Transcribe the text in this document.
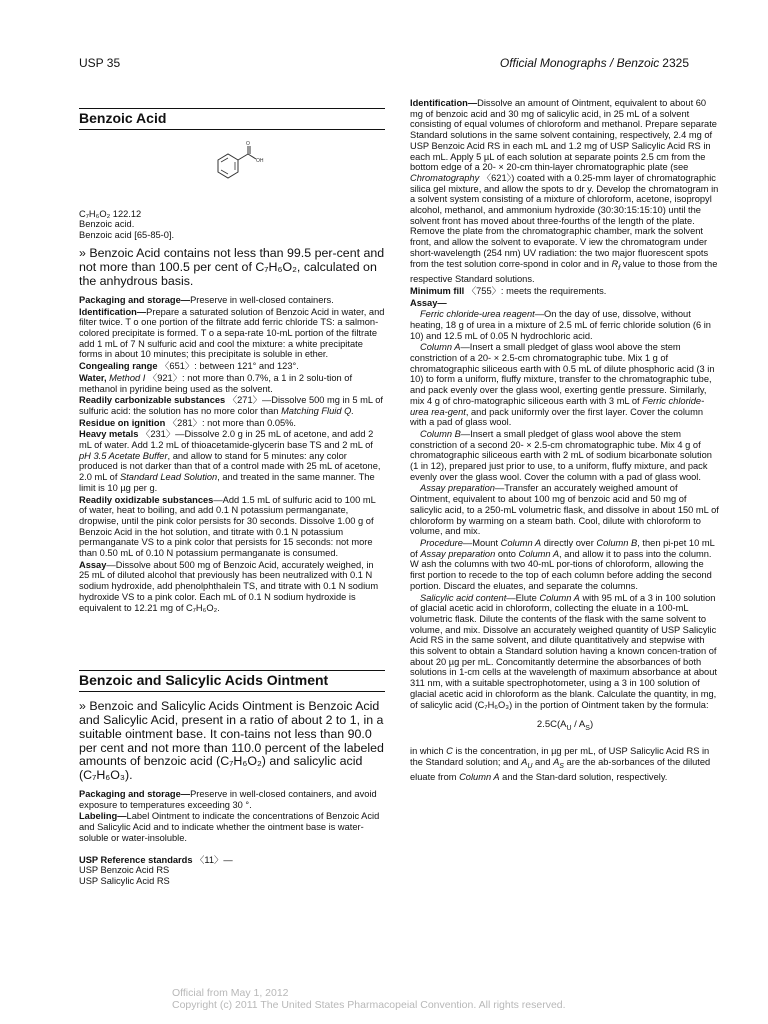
USP 35	Official Monographs / Benzoic 2325
Benzoic Acid
O
OH
C₇H₆O₂ 122.12
Benzoic acid.
Benzoic acid [65-85-0].
» Benzoic Acid contains not less than 99.5 per-cent and not more than 100.5 per cent of C₇H₆O₂, calculated on the anhydrous basis.

Packaging and storage—Preserve in well-closed containers.

Identification—Prepare a saturated solution of Benzoic Acid in water, and filter twice. T o one portion of the filtrate add ferric chloride TS: a salmon-colored precipitate is formed. T o a sepa-rate 10-mL portion of the filtrate add 1 mL of 7 N sulfuric acid and cool the mixture: a white precipitate forms in about 10 minutes; this precipitate is soluble in ether.

Congealing range 〈651〉: between 121° and 123°.

Water, Method I 〈921〉: not more than 0.7%, a 1 in 2 solu-tion of methanol in pyridine being used as the solvent.

Readily carbonizable substances 〈271〉—Dissolve 500 mg in 5 mL of sulfuric acid: the solution has no more color than Matching Fluid Q.

Residue on ignition 〈281〉: not more than 0.05%.

Heavy metals 〈231〉—Dissolve 2.0 g in 25 mL of acetone, and add 2 mL of water. Add 1.2 mL of thioacetamide-glycerin base TS and 2 mL of pH 3.5 Acetate Buffer, and allow to stand for 5 minutes: any color produced is not darker than that of a control made with 25 mL of acetone, 2.0 mL of Standard Lead Solution, and treated in the same manner. The limit is 10 µg per g.

Readily oxidizable substances—Add 1.5 mL of sulfuric acid to 100 mL of water, heat to boiling, and add 0.1 N potassium permanganate, dropwise, until the pink color persists for 30 seconds. Dissolve 1.00 g of Benzoic Acid in the hot solution, and titrate with 0.1 N potassium permanganate VS to a pink color that persists for 15 seconds: not more than 0.50 mL of 0.10 N potassium permanganate is consumed.

Assay—Dissolve about 500 mg of Benzoic Acid, accurately weighed, in 25 mL of diluted alcohol that previously has been neutralized with 0.1 N sodium hydroxide, add phenolphthalein TS, and titrate with 0.1 N sodium hydroxide VS to a pink color. Each mL of 0.1 N sodium hydroxide is equivalent to 12.21 mg of C₇H₆O₂.

Benzoic and Salicylic Acids Ointment
» Benzoic and Salicylic Acids Ointment is Benzoic Acid and Salicylic Acid, present in a ratio of about 2 to 1, in a suitable ointment base. It con-tains not less than 90.0 per cent and not more than 110.0 percent of the labeled amounts of benzoic acid (C₇H₆O₂) and salicylic acid (C₇H₆O₃).

Packaging and storage—Preserve in well-closed containers, and avoid exposure to temperatures exceeding 30 °.

Labeling—Label Ointment to indicate the concentrations of Benzoic Acid and Salicylic Acid and to indicate whether the ointment base is water-soluble or water-insoluble.

USP Reference standards 〈11〉—
USP Benzoic Acid RS
USP Salicylic Acid RS

Identification—Dissolve an amount of Ointment, equivalent to about 60 mg of benzoic acid and 30 mg of salicylic acid, in 25 mL of a solvent consisting of equal volumes of chloroform and methanol. Prepare separate Standard solutions in the same solvent containing, respectively, 2.4 mg of USP Benzoic Acid RS in each mL and 1.2 mg of USP Salicylic Acid RS in each mL. Apply 5 µL of each solution at separate points 2.5 cm from the bottom edge of a 20- × 20-cm thin-layer chromatographic plate (see Chromatography 〈621〉) coated with a 0.25-mm layer of chromatographic silica gel mixture, and allow the spots to dr y. Develop the chromatogram in a solvent system consisting of a mixture of chloroform, acetone, isopropyl alcohol, methanol, and ammonium hydroxide (30:30:15:15:10) until the solvent front has moved about three-fourths of the length of the plate. Remove the plate from the chromatographic chamber, mark the solvent front, and allow the solvent to evaporate. V iew the chromatogram under short-wavelength (254 nm) UV radiation: the two major fluorescent spots from the test solution corre-spond in color and in $R_f$ value to those from the respective Standard solutions.

Minimum fill 〈755〉: meets the requirements.

Assay—

Ferric chloride-urea reagent—On the day of use, dissolve, without heating, 18 g of urea in a mixture of 2.5 mL of ferric chloride solution (6 in 10) and 12.5 mL of 0.05 N hydrochloric acid.

Column A—Insert a small pledget of glass wool above the stem constriction of a 20- × 2.5-cm chromatographic tube. Mix 1 g of chromatographic siliceous earth with 0.5 mL of dilute phosphoric acid (3 in 10) to form a uniform, fluffy mixture, transfer to the chromatographic tube, and pack evenly over the glass wool, exerting gentle pressure. Similarly, mix 4 g of chro-matographic siliceous earth with 3 mL of Ferric chloride-urea rea-gent, and pack uniformly over the first layer. Cover the column with a pad of glass wool.

Column B—Insert a small pledget of glass wool above the stem constriction of a second 20- × 2.5-cm chromatographic tube. Mix 4 g of chromatographic siliceous earth with 2 mL of sodium bicarbonate solution (1 in 12), prepared just prior to use, to a uniform, fluffy mixture, and pack evenly over the glass wool. Cover the column with a pad of glass wool.

Assay preparation—Transfer an accurately weighed amount of Ointment, equivalent to about 100 mg of benzoic acid and 50 mg of salicylic acid, to a 250-mL volumetric flask, and dissolve in about 150 mL of chloroform by warming on a steam bath. Cool, dilute with chloroform to volume, and mix.

Procedure—Mount Column A directly over Column B, then pi-pet 10 mL of Assay preparation onto Column A, and allow it to pass into the column. W ash the columns with two 40-mL por-tions of chloroform, allowing the first portion to recede to the top of each column before adding the second portion. Discard the eluates, and separate the columns.

Salicylic acid content—Elute Column A with 95 mL of a 3 in 100 solution of glacial acetic acid in chloroform, collecting the eluate in a 100-mL volumetric flask. Dilute the contents of the flask with the same solvent to volume, and mix. Dissolve an accurately weighed quantity of USP Salicylic Acid RS in the same solvent, and dilute quantitatively and stepwise with this solvent to obtain a Standard solution having a known concen-tration of about 20 µg per mL. Concomitantly determine the absorbances of both solutions in 1-cm cells at the wavelength of maximum absorbance at about 311 nm, with a suitable spectrophotometer, using a 3 in 100 solution of glacial acetic acid in chloroform as the blank. Calculate the quantity, in mg, of salicylic acid (C₇H₆O₃) in the portion of Ointment taken by the formula:

$2.5C(A_U / A_S)$

in which C is the concentration, in µg per mL, of USP Salicylic Acid RS in the Standard solution; and $A_U$ and $A_S$ are the ab-sorbances of the diluted eluate from Column A and the Stan-dard solution, respectively.

Official from May 1, 2012
Copyright (c) 2011 The United States Pharmacopeial Convention. All rights reserved.
